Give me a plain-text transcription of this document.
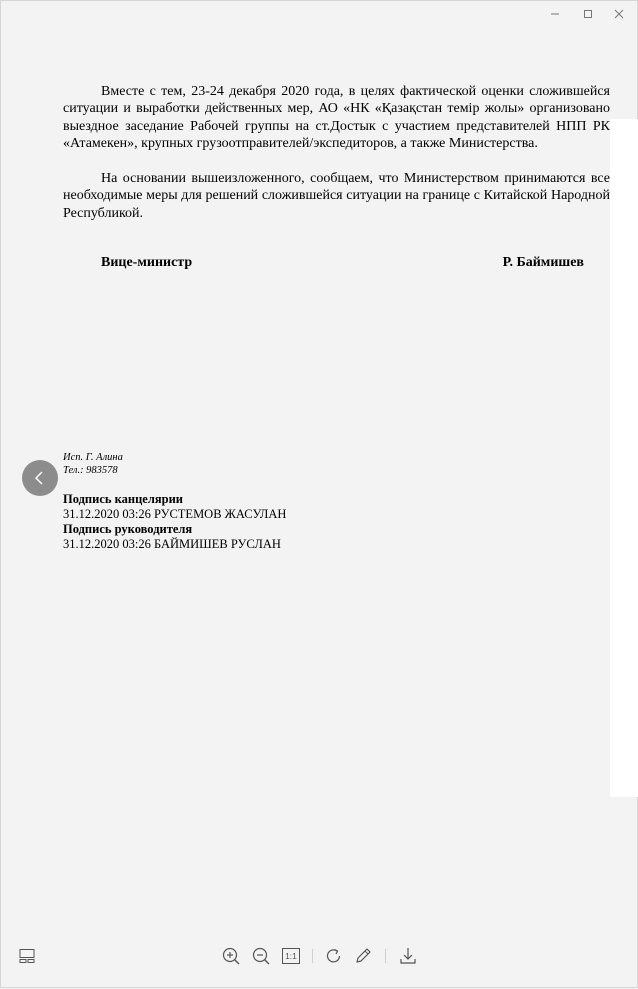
Вместе с тем, 23-24 декабря 2020 года, в целях фактической оценки сложившейся ситуации и выработки действенных мер, АО «НК «Қазақстан темір жолы» организовано выездное заседание Рабочей группы на ст.Достык с участием представителей НПП РК «Атамекен», крупных грузоотправителей/экспедиторов, а также Министерства.

На основании вышеизложенного, сообщаем, что Министерством принимаются все необходимые меры для решений сложившейся ситуации на границе с Китайской Народной Республикой.

Вице-министр	Р. Баймишев
Исп. Г. Алина
Тел.: 983578
Подпись канцелярии
31.12.2020 03:26 РУСТЕМОВ ЖАСУЛАН
Подпись руководителя
31.12.2020 03:26 БАЙМИШЕВ РУСЛАН
1:1
